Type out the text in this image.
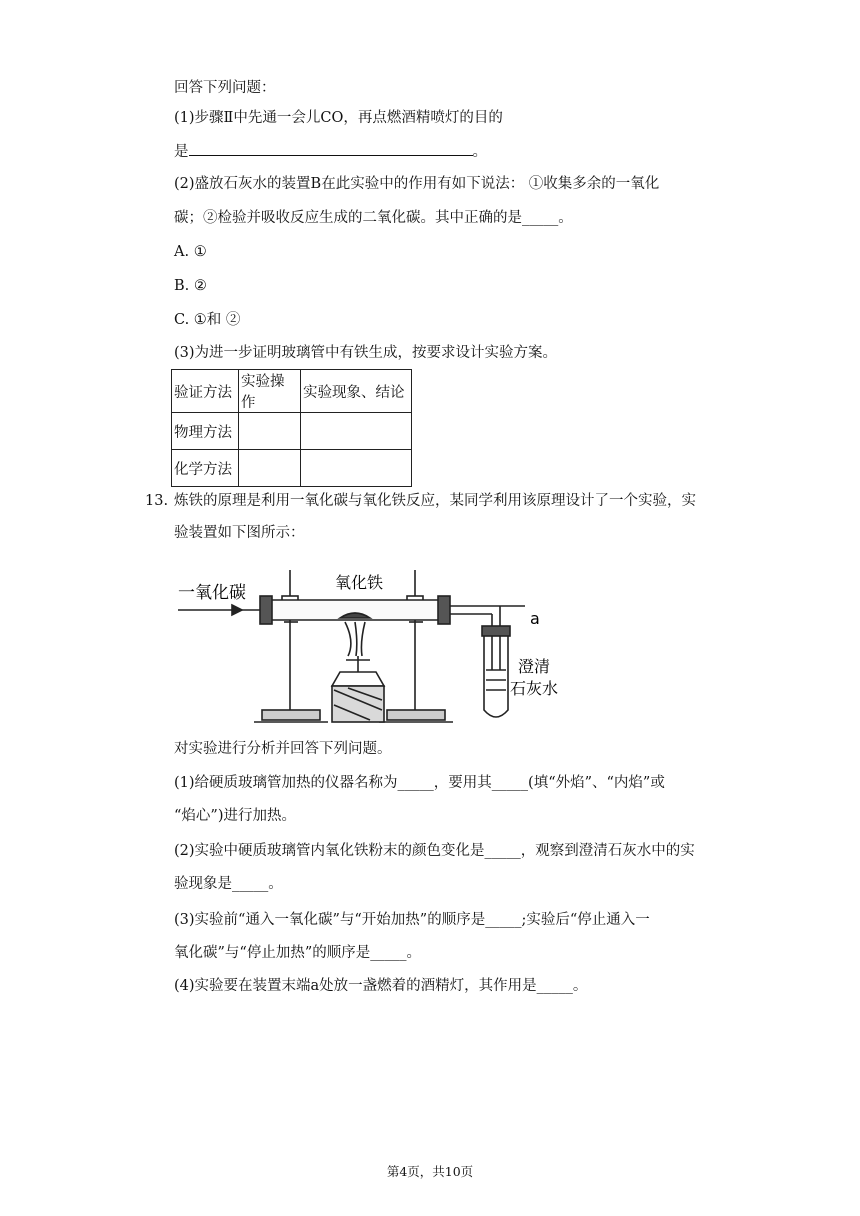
回答下列问题：
(1)步骤Ⅱ中先通一会儿CO，再点燃酒精喷灯的目的
是	。
(2)盛放石灰水的装置B在此实验中的作用有如下说法： ①收集多余的一氧化
碳；②检验并吸收反应生成的二氧化碳。其中正确的是_____。
A. ①
B. ②
C. ①和 ②
(3)为进一步证明玻璃管中有铁生成，按要求设计实验方案。
验证方法	实验操作	实验现象、结论
物理方法		
化学方法		
13. 炼铁的原理是利用一氧化碳与氧化铁反应，某同学利用该原理设计了一个实验，实
验装置如下图所示：
一氧化碳
氧化铁
a
澄清
石灰水
对实验进行分析并回答下列问题。
(1)给硬质玻璃管加热的仪器名称为_____，要用其_____(填“外焰”、“内焰”或
“焰心”)进行加热。
(2)实验中硬质玻璃管内氧化铁粉末的颜色变化是_____，观察到澄清石灰水中的实
验现象是_____。
(3)实验前“通入一氧化碳”与“开始加热”的顺序是_____;实验后“停止通入一
氧化碳”与“停止加热”的顺序是_____。
(4)实验要在装置末端a处放一盏燃着的酒精灯，其作用是_____。
第4页，共10页
